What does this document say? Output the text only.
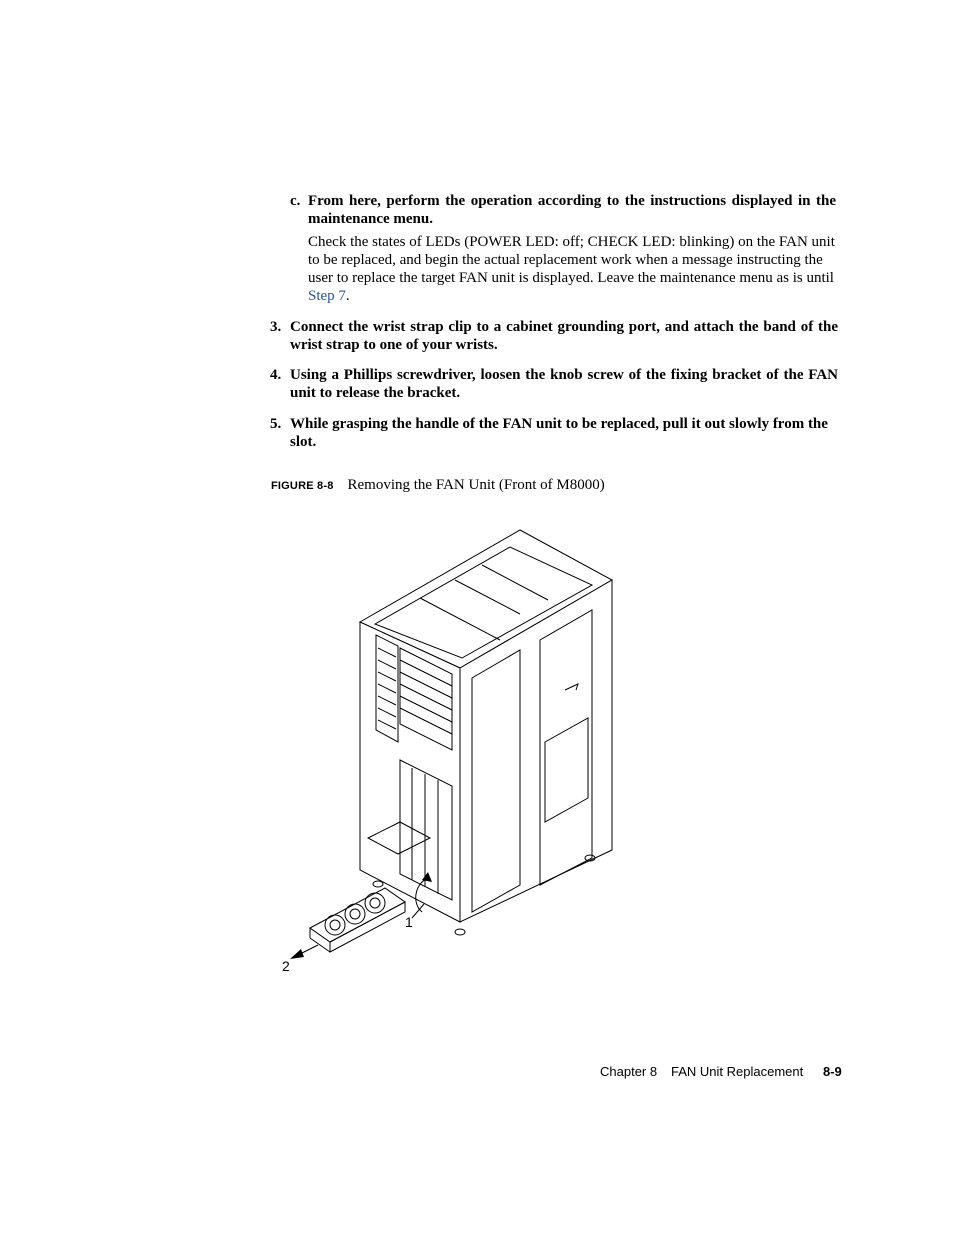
c. From here, perform the operation according to the instructions displayed in the maintenance menu.
Check the states of LEDs (POWER LED: off; CHECK LED: blinking) on the FAN unit to be replaced, and begin the actual replacement work when a message instructing the user to replace the target FAN unit is displayed. Leave the maintenance menu as is until Step 7.
3. Connect the wrist strap clip to a cabinet grounding port, and attach the band of the wrist strap to one of your wrists.
4. Using a Phillips screwdriver, loosen the knob screw of the fixing bracket of the FAN unit to release the bracket.
5. While grasping the handle of the FAN unit to be replaced, pull it out slowly from the slot.
FIGURE 8-8 Removing the FAN Unit (Front of M8000)
1
2
Chapter 8 FAN Unit Replacement 8-9
